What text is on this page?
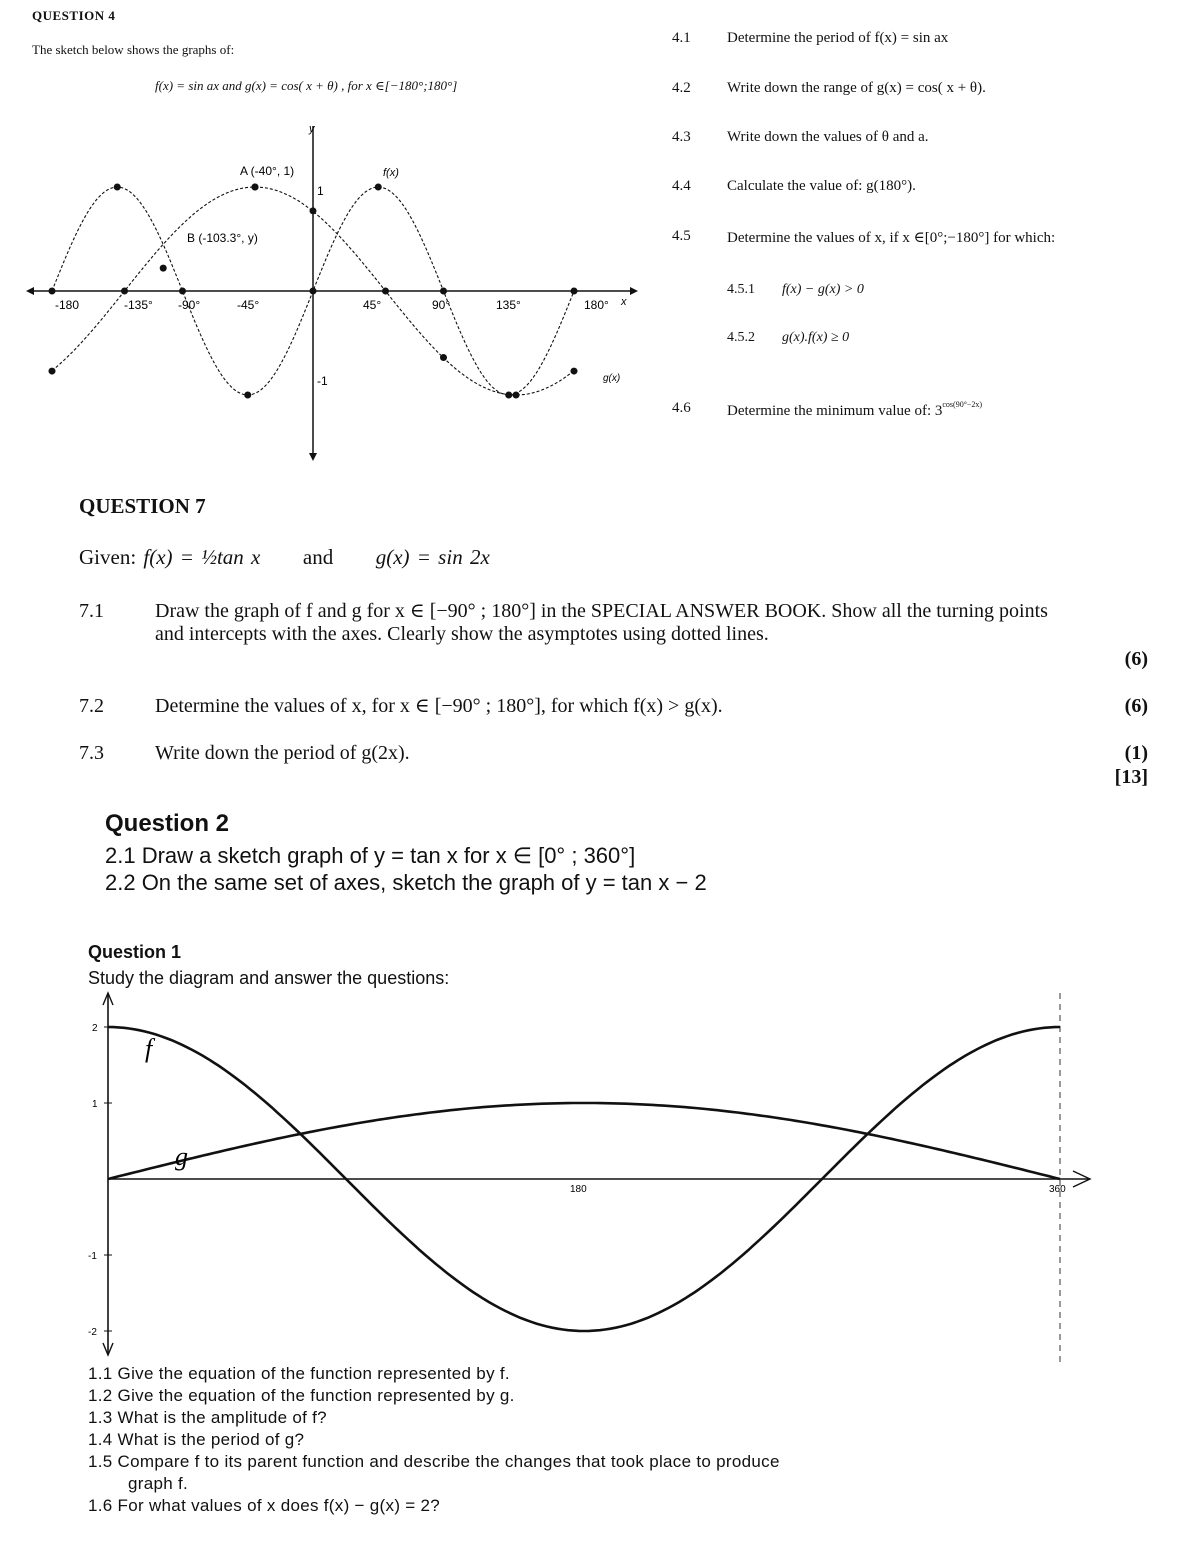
QUESTION 4
The sketch below shows the graphs of:
f(x) = sin ax and g(x) = cos( x + θ) , for x ∈[−180°;180°]
A (-40°, 1)
B (-103.3°, y)
f(x)
g(x)
x
y
1
-1
-180	-135° -90°	-45°	45°	90°	135°	180°
4.1	Determine the period of f(x) = sin ax
4.2	Write down the range of g(x) = cos( x + θ).
4.3	Write down the values of θ and a.
4.4	Calculate the value of: g(180°).
4.5	Determine the values of x, if x ∈[0°;−180°] for which:
4.5.1	f(x) − g(x) > 0
4.5.2	g(x).f(x) ≥ 0
4.6	Determine the minimum value of: $3^{cos(90^\circ-2x)}$
QUESTION 7
Given: f(x) = ½tan x and g(x) = sin 2x
7.1	Draw the graph of f and g for x ∈ [−90° ; 180°] in the SPECIAL ANSWER BOOK. Show all the turning points and intercepts with the axes. Clearly show the asymptotes using dotted lines.
(6)
7.2	Determine the values of x, for x ∈ [−90° ; 180°], for which f(x) > g(x).	(6)
7.3	Write down the period of g(2x).	(1)
[13]
Question 2
2.1 Draw a sketch graph of y = tan x for x ∈ [0° ; 360°]
2.2 On the same set of axes, sketch the graph of y = tan x − 2
Question 1
Study the diagram and answer the questions:
2
1
-1
-2
180	360
f
g
1.1 Give the equation of the function represented by f.
1.2 Give the equation of the function represented by g.
1.3 What is the amplitude of f?
1.4 What is the period of g?
1.5 Compare f to its parent function and describe the changes that took place to produce
graph f.
1.6 For what values of x does f(x) − g(x) = 2?
